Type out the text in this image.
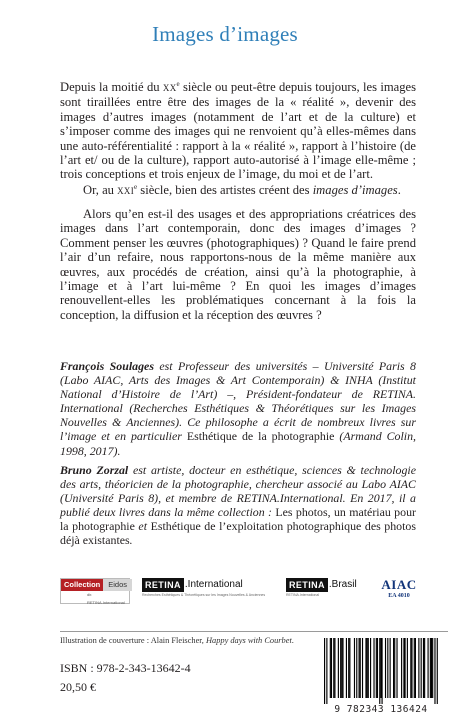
Images d’images

Depuis la moitié du XXe siècle ou peut-être depuis toujours, les images sont tiraillées entre être des images de la « réalité », devenir des images d’autres images (notamment de l’art et de la culture) et s’imposer comme des images qui ne renvoient qu’à elles-mêmes dans une auto-référentialité : rapport à la « réalité », rapport à l’histoire (de l’art et/ ou de la culture), rapport auto-autorisé à l’image elle-même ; trois conceptions et trois enjeux de l’image, du moi et de l’art.

Or, au XXIe siècle, bien des artistes créent des images d’images.

Alors qu’en est-il des usages et des appropriations créatrices des images dans l’art contemporain, donc des images d’images ? Comment penser les œuvres (photographiques) ? Quand le faire prend l’air d’un refaire, nous rapportons-nous de la même manière aux œuvres, aux procédés de création, ainsi qu’à la photographie, à l’image et à l’art lui-même ? En quoi les images d’images renouvellent-elles les problématiques concernant à la fois la conception, la diffusion et la réception des œuvres ?

François Soulages est Professeur des universités – Université Paris 8 (Labo AIAC, Arts des Images & Art Contemporain) & INHA (Institut National d’Histoire de l’Art) –, Président-fondateur de RETINA. International (Recherches Esthétiques & Théorétiques sur les Images Nouvelles & Anciennes). Ce philosophe a écrit de nombreux livres sur l’image et en particulier Esthétique de la photographie (Armand Colin, 1998, 2017).

Bruno Zorzal est artiste, docteur en esthétique, sciences & technologie des arts, théoricien de la photographie, chercheur associé au Labo AIAC (Université Paris 8), et membre de RETINA.International. En 2017, il a publié deux livres dans la même collection : Les photos, un matériau pour la photographie et Esthétique de l’exploitation photographique des photos déjà existantes.

Collection	Eidos
dir. RETINA.International
RETINA .International
Recherches Esthétiques & Théorétiques sur les Images Nouvelles & Anciennes
RETINA .Brasil
RETINA.International
AIAC
EA 4010
Illustration de couverture : Alain Fleischer, Happy days with Courbet.
ISBN : 978-2-343-13642-4
20,50 €
9 782343 136424
